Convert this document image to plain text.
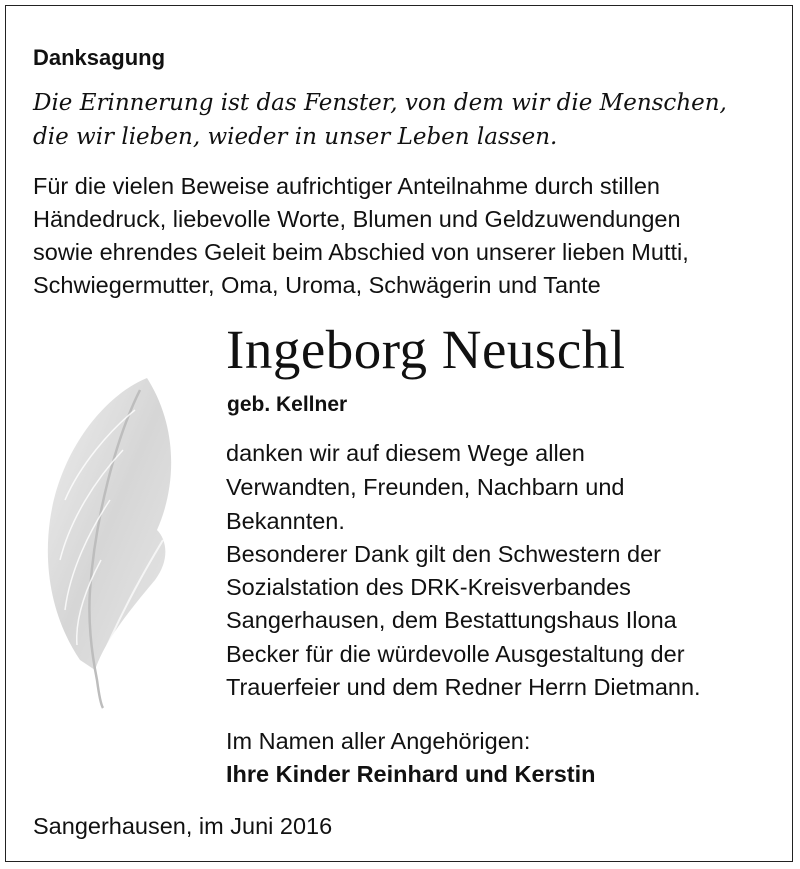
Danksagung

Die Erinnerung ist das Fenster, von dem wir die Menschen,

die wir lieben, wieder in unser Leben lassen.

Für die vielen Beweise aufrichtiger Anteilnahme durch stillen

Händedruck, liebevolle Worte, Blumen und Geldzuwendungen

sowie ehrendes Geleit beim Abschied von unserer lieben Mutti,

Schwiegermutter, Oma, Uroma, Schwägerin und Tante

Ingeborg Neuschl

geb. Kellner

danken wir auf diesem Wege allen

Verwandten, Freunden, Nachbarn und

Bekannten.

Besonderer Dank gilt den Schwestern der

Sozialstation des DRK-Kreisverbandes

Sangerhausen, dem Bestattungshaus Ilona

Becker für die würdevolle Ausgestaltung der

Trauerfeier und dem Redner Herrn Dietmann.

Im Namen aller Angehörigen:

Ihre Kinder Reinhard und Kerstin

Sangerhausen, im Juni 2016
